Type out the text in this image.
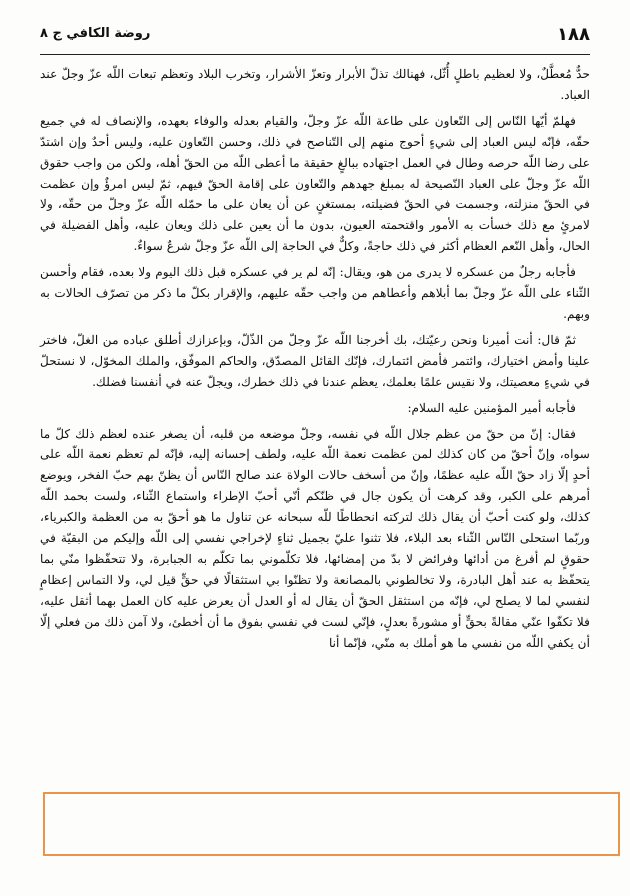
١٨٨
روضة الكافي ج ٨

حدٌّ مُعطَّلٌ، ولا لعظيم باطلٍ أُثّل، فهنالك تذلّ الأبرار وتعزّ الأشرار، وتخرب البلاد وتعظم تبعات اللّه عزّ وجلّ عند العباد.

فهلمّ أيّها النّاس إلى التّعاون على طاعة اللّه عزّ وجلّ، والقيام بعدله والوفاء بعهده، والإنصاف له في جميع حقّه، فإنّه ليس العباد إلى شيءٍ أحوج منهم إلى التّناصح في ذلك، وحسن التّعاون عليه، وليس أحدٌ وإن اشتدّ على رضا اللّه حرصه وطال في العمل اجتهاده ببالغٍ حقيقة ما أعطى اللّه من الحقّ أهله، ولكن من واجب حقوق اللّه عزّ وجلّ على العباد النّصيحة له بمبلغ جهدهم والتّعاون على إقامة الحقّ فيهم، ثمّ ليس امرؤٌ وإن عظمت في الحقّ منزلته، وجسمت في الحقّ فضيلته، بمستغنٍ عن أن يعان على ما حمّله اللّه عزّ وجلّ من حقّه، ولا لامرئٍ مع ذلك خسأت به الأمور واقتحمته العيون، بدون ما أن يعين على ذلك ويعان عليه، وأهل الفضيلة في الحال، وأهل النّعم العظام أكثر في ذلك حاجةً، وكلٌّ في الحاجة إلى اللّه عزّ وجلّ شرعٌ سواءٌ.

فأجابه رجلٌ من عسكره لا يدرى من هو، ويقال: إنّه لم ير في عسكره قبل ذلك اليوم ولا بعده، فقام وأحسن الثّناء على اللّه عزّ وجلّ بما أبلاهم وأعطاهم من واجب حقّه عليهم، والإقرار بكلّ ما ذكر من تصرّف الحالات به وبهم.

ثمّ قال: أنت أميرنا ونحن رعيّتك، بك أخرجنا اللّه عزّ وجلّ من الذّلّ، وبإعزازك أطلق عباده من الغلّ، فاختر علينا وأمض اختيارك، وائتمر فأمض ائتمارك، فإنّك القائل المصدّق، والحاكم الموفّق، والملك المخوّل، لا نستحلّ في شيءٍ معصيتك، ولا نقيس علمًا بعلمك، يعظم عندنا في ذلك خطرك، ويجلّ عنه في أنفسنا فضلك.

فأجابه أمير المؤمنين عليه السلام:

فقال: إنّ من حقّ من عظم جلال اللّه في نفسه، وجلّ موضعه من قلبه، أن يصغر عنده لعظم ذلك كلّ ما سواه، وإنّ أحقّ من كان كذلك لمن عظمت نعمة اللّه عليه، ولطف إحسانه إليه، فإنّه لم تعظم نعمة اللّه على أحدٍ إلّا زاد حقّ اللّه عليه عظمًا، وإنّ من أسخف حالات الولاة عند صالح النّاس أن يظنّ بهم حبّ الفخر، ويوضع أمرهم على الكبر، وقد كرهت أن يكون جال في ظنّكم أنّي أحبّ الإطراء واستماع الثّناء، ولست بحمد اللّه كذلك، ولو كنت أحبّ أن يقال ذلك لتركته انحطاطًا للّه سبحانه عن تناول ما هو أحقّ به من العظمة والكبرياء، وربّما استحلى النّاس الثّناء بعد البلاء، فلا تثنوا عليّ بجميل ثناءٍ لإخراجي نفسي إلى اللّه وإليكم من البقيّة في حقوقٍ لم أفرغ من أدائها وفرائض لا بدّ من إمضائها، فلا تكلّموني بما تكلّم به الجبابرة، ولا تتحفّظوا منّي بما يتحفّظ به عند أهل البادرة، ولا تخالطوني بالمصانعة ولا تظنّوا بي استثقالًا في حقٍّ قيل لي، ولا التماس إعظامٍ لنفسي لما لا يصلح لي، فإنّه من استثقل الحقّ أن يقال له أو العدل أن يعرض عليه كان العمل بهما أثقل عليه، فلا تكفّوا عنّي مقالةً بحقٍّ أو مشورةً بعدلٍ، فإنّي لست في نفسي بفوق ما أن أخطئ، ولا آمن ذلك من فعلي إلّا أن يكفي اللّه من نفسي ما هو أملك به منّي، فإنّما أنا
